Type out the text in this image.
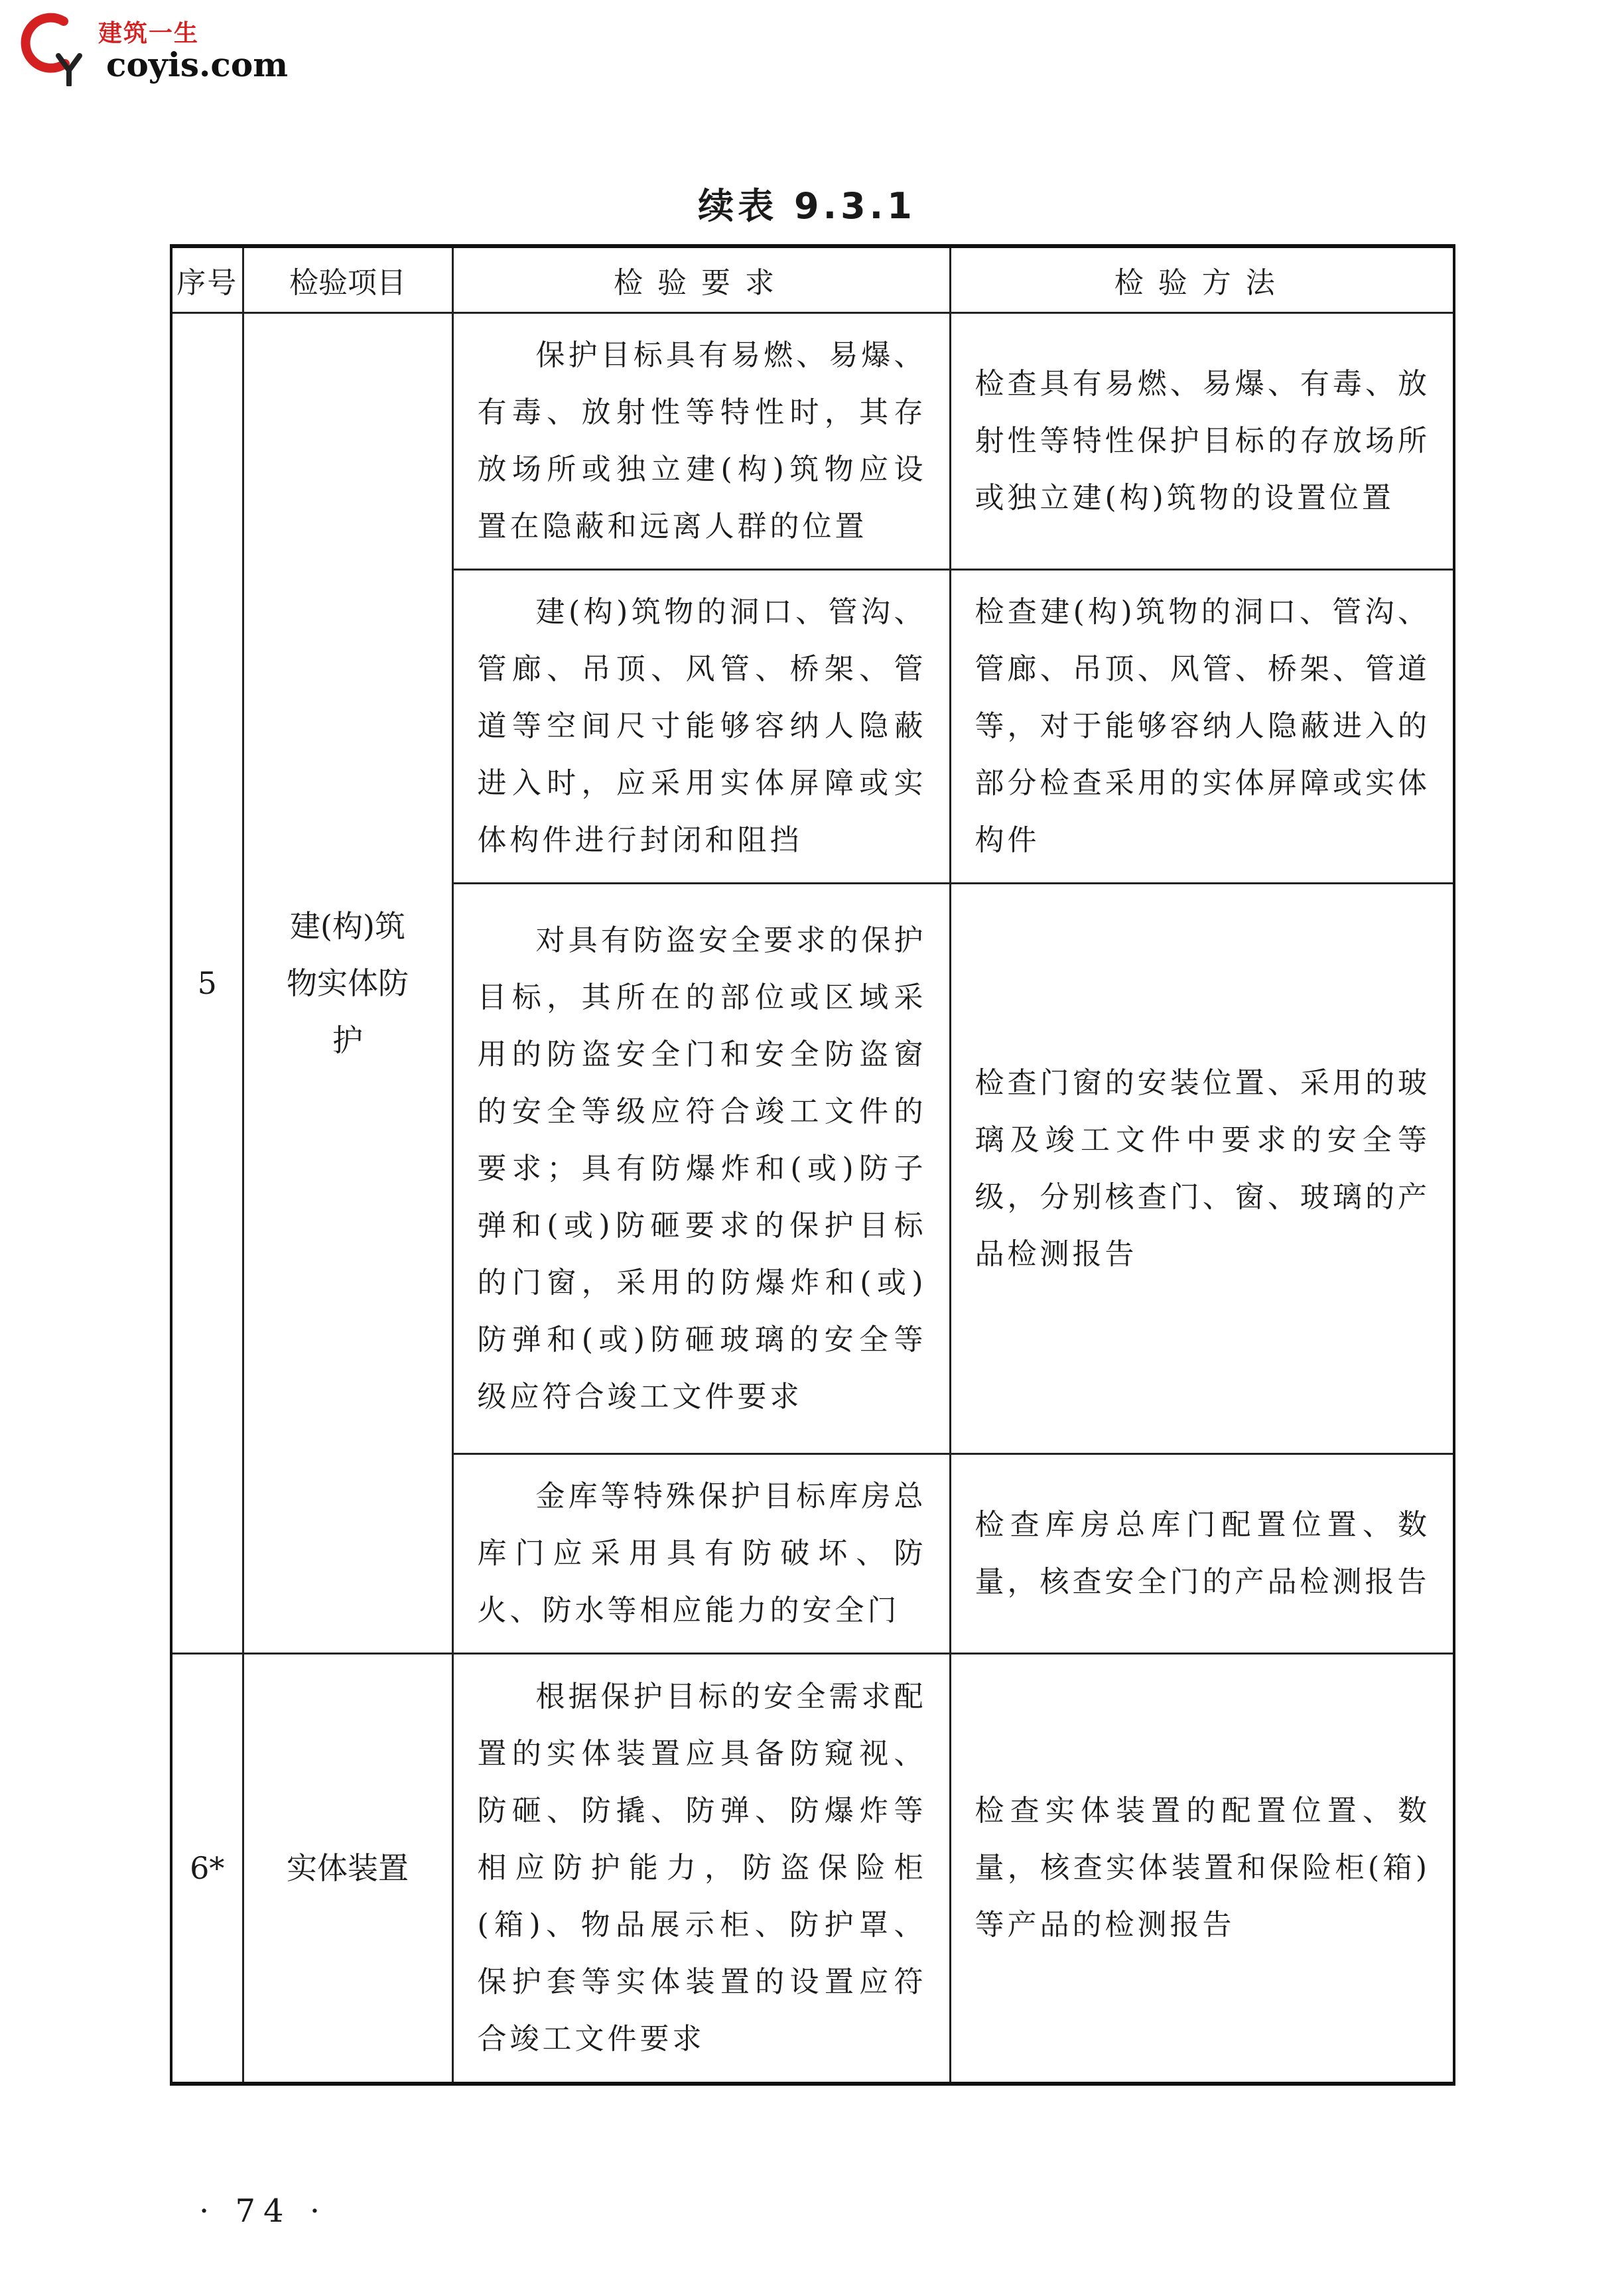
建筑一生
coyis.com
续表 9.3.1
序号	检验项目	检验要求	检验方法
5	建(构)筑物实体防护	保护目标具有易燃、易爆、有毒、放射性等特性时，其存放场所或独立建(构)筑物应设置在隐蔽和远离人群的位置	检查具有易燃、易爆、有毒、放射性等特性保护目标的存放场所或独立建(构)筑物的设置位置
		建(构)筑物的洞口、管沟、管廊、吊顶、风管、桥架、管道等空间尺寸能够容纳人隐蔽进入时，应采用实体屏障或实体构件进行封闭和阻挡	检查建(构)筑物的洞口、管沟、管廊、吊顶、风管、桥架、管道等，对于能够容纳人隐蔽进入的部分检查采用的实体屏障或实体构件
		对具有防盗安全要求的保护目标，其所在的部位或区域采用的防盗安全门和安全防盗窗的安全等级应符合竣工文件的要求；具有防爆炸和(或)防子弹和(或)防砸要求的保护目标的门窗，采用的防爆炸和(或)防弹和(或)防砸玻璃的安全等级应符合竣工文件要求	检查门窗的安装位置、采用的玻璃及竣工文件中要求的安全等级，分别核查门、窗、玻璃的产品检测报告
		金库等特殊保护目标库房总库门应采用具有防破坏、防火、防水等相应能力的安全门	检查库房总库门配置位置、数量，核查安全门的产品检测报告
6*	实体装置	根据保护目标的安全需求配置的实体装置应具备防窥视、防砸、防撬、防弹、防爆炸等相应防护能力，防盗保险柜(箱)、物品展示柜、防护罩、保护套等实体装置的设置应符合竣工文件要求	检查实体装置的配置位置、数量，核查实体装置和保险柜(箱)等产品的检测报告
· 74 ·
